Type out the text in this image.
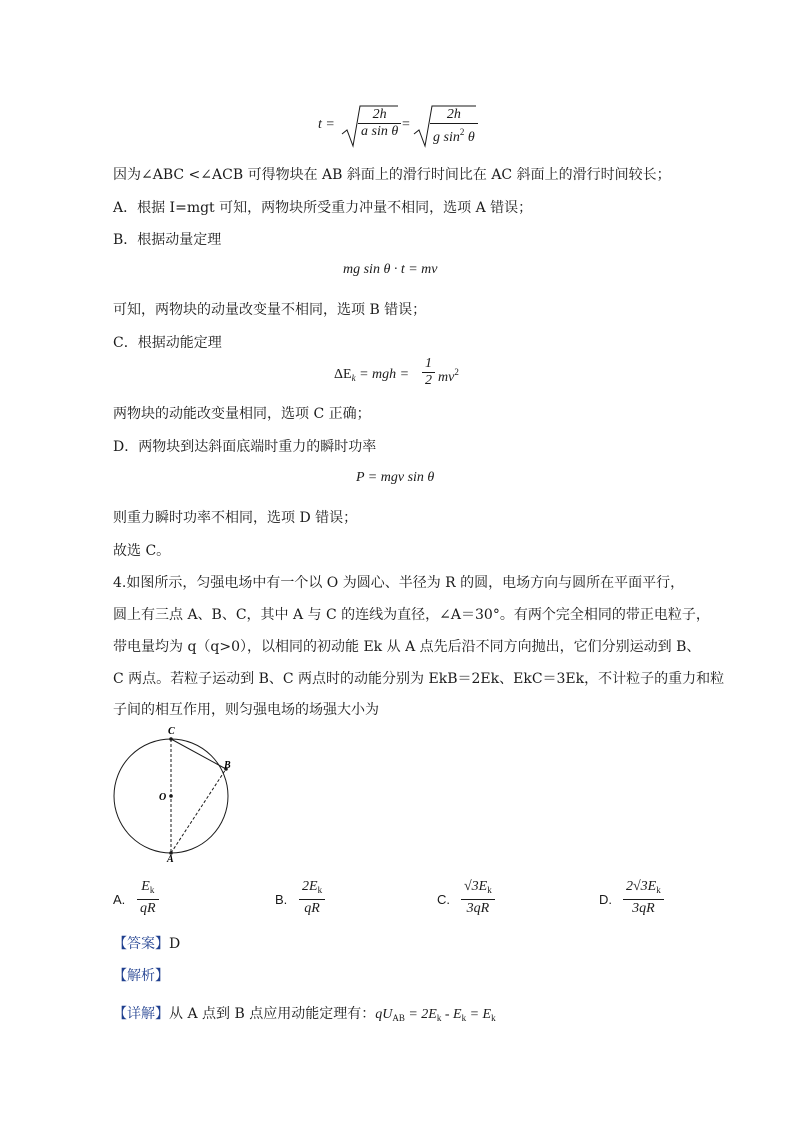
$t = \frac{2h}{\text{a sin θ}} = \frac{2h}{g \sin^2 \theta}$
因为∠ABC <∠ACB 可得物块在 AB 斜面上的滑行时间比在 AC 斜面上的滑行时间较长；
A．根据 I=mgt 可知，两物块所受重力冲量不相同，选项 A 错误；
B．根据动量定理
mg sin θ · t = mv
可知，两物块的动量改变量不相同，选项 B 错误；
C．根据动能定理
$\Delta E_k$ = mgh = $\frac{1}{2} mv^2$
两物块的动能改变量相同，选项 C 正确；
D．两物块到达斜面底端时重力的瞬时功率
P = mgv sin θ
则重力瞬时功率不相同，选项 D 错误；
故选 C。
4.如图所示，匀强电场中有一个以 O 为圆心、半径为 R 的圆，电场方向与圆所在平面平行，
圆上有三点 A、B、C，其中 A 与 C 的连线为直径，∠A＝30°。有两个完全相同的带正电粒子，
带电量均为 q（q>0），以相同的初动能 Ek 从 A 点先后沿不同方向抛出，它们分别运动到 B、
C 两点。若粒子运动到 B、C 两点时的动能分别为 EkB＝2Ek、EkC＝3Ek，不计粒子的重力和粒
子间的相互作用，则匀强电场的场强大小为
C
B
O
A
A. $\frac{E_k}{qR}$	B. $\frac{2E_k}{qR}$	C. $\frac{√3E_k}{3qR}$	D. $\frac{2√3E_k}{3qR}$
【答案】D
【解析】
【详解】从 A 点到 B 点应用动能定理有：$qU_{AB} = 2E_k - E_k = E_k$
